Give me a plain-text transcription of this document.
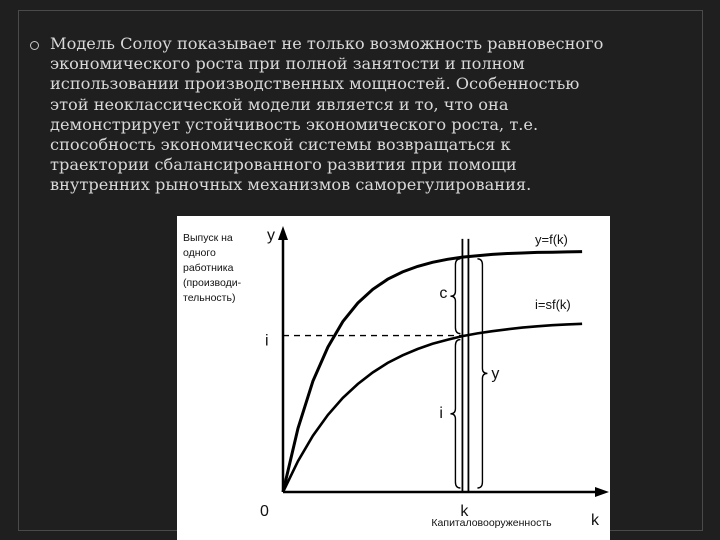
Модель Солоу показывает не только возможность равновесного
экономического роста при полной занятости и полном
использовании производственных мощностей. Особенностью
этой неоклассической модели является и то, что она
демонстрирует устойчивость экономического роста, т.е.
способность экономической системы возвращаться к
траектории сбалансированного развития при помощи
внутренних рыночных механизмов саморегулирования.

Выпуск на
одного
работника
(производи-
тельность)
y
k
0
i
k
Капиталовооруженность
y=f(k)
i=sf(k)
c
i
y
